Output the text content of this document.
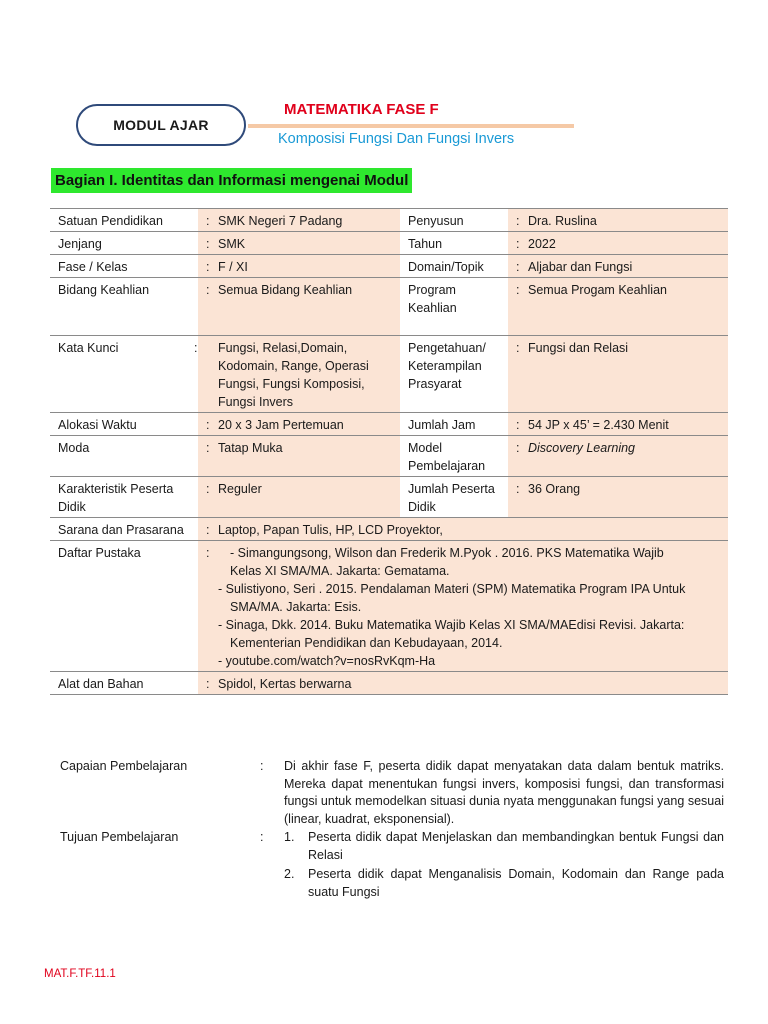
MODUL AJAR
MATEMATIKA FASE F
Komposisi Fungsi Dan Fungsi Invers
Bagian I. Identitas dan Informasi mengenai Modul
Satuan Pendidikan	: SMK Negeri 7 Padang	Penyusun	: Dra. Ruslina
Jenjang	: SMK	Tahun	: 2022
Fase / Kelas	: F / XI	Domain/Topik	: Aljabar dan Fungsi
Bidang Keahlian	: Semua Bidang Keahlian	Program Keahlian	: Semua Progam Keahlian
Kata Kunci	: Fungsi, Relasi,Domain, Kodomain, Range, Operasi Fungsi, Fungsi Komposisi, Fungsi Invers	Pengetahuan/ Keterampilan Prasyarat	: Fungsi dan Relasi
Alokasi Waktu	: 20 x 3 Jam Pertemuan	Jumlah Jam	: 54 JP x 45’ = 2.430 Menit
Moda	: Tatap Muka	Model Pembelajaran	: Discovery Learning
Karakteristik Peserta Didik	: Reguler	Jumlah Peserta Didik	: 36 Orang
Sarana dan Prasarana	: Laptop, Papan Tulis, HP, LCD Proyektor,		
Daftar Pustaka	: - Simangungsong, Wilson dan Frederik M.Pyok . 2016. PKS Matematika Wajib Kelas XI SMA/MA. Jakarta: Gematama.
- Sulistiyono, Seri . 2015. Pendalaman Materi (SPM) Matematika Program IPA Untuk SMA/MA. Jakarta: Esis.
- Sinaga, Dkk. 2014. Buku Matematika Wajib Kelas XI SMA/MAEdisi Revisi. Jakarta: Kementerian Pendidikan dan Kebudayaan, 2014.
- youtube.com/watch?v=nosRvKqm-Ha		

Alat dan Bahan	: Spidol, Kertas berwarna		
Capaian Pembelajaran	:	Di akhir fase F, peserta didik dapat menyatakan data dalam bentuk matriks. Mereka dapat menentukan fungsi invers, komposisi fungsi, dan transformasi fungsi untuk memodelkan situasi dunia nyata menggunakan fungsi yang sesuai (linear, kuadrat, eksponensial).
Tujuan Pembelajaran	:	1.	Peserta didik dapat Menjelaskan dan membandingkan bentuk Fungsi dan Relasi
2.	Peserta didik dapat Menganalisis Domain, Kodomain dan Range pada suatu Fungsi
MAT.F.TF.11.1
